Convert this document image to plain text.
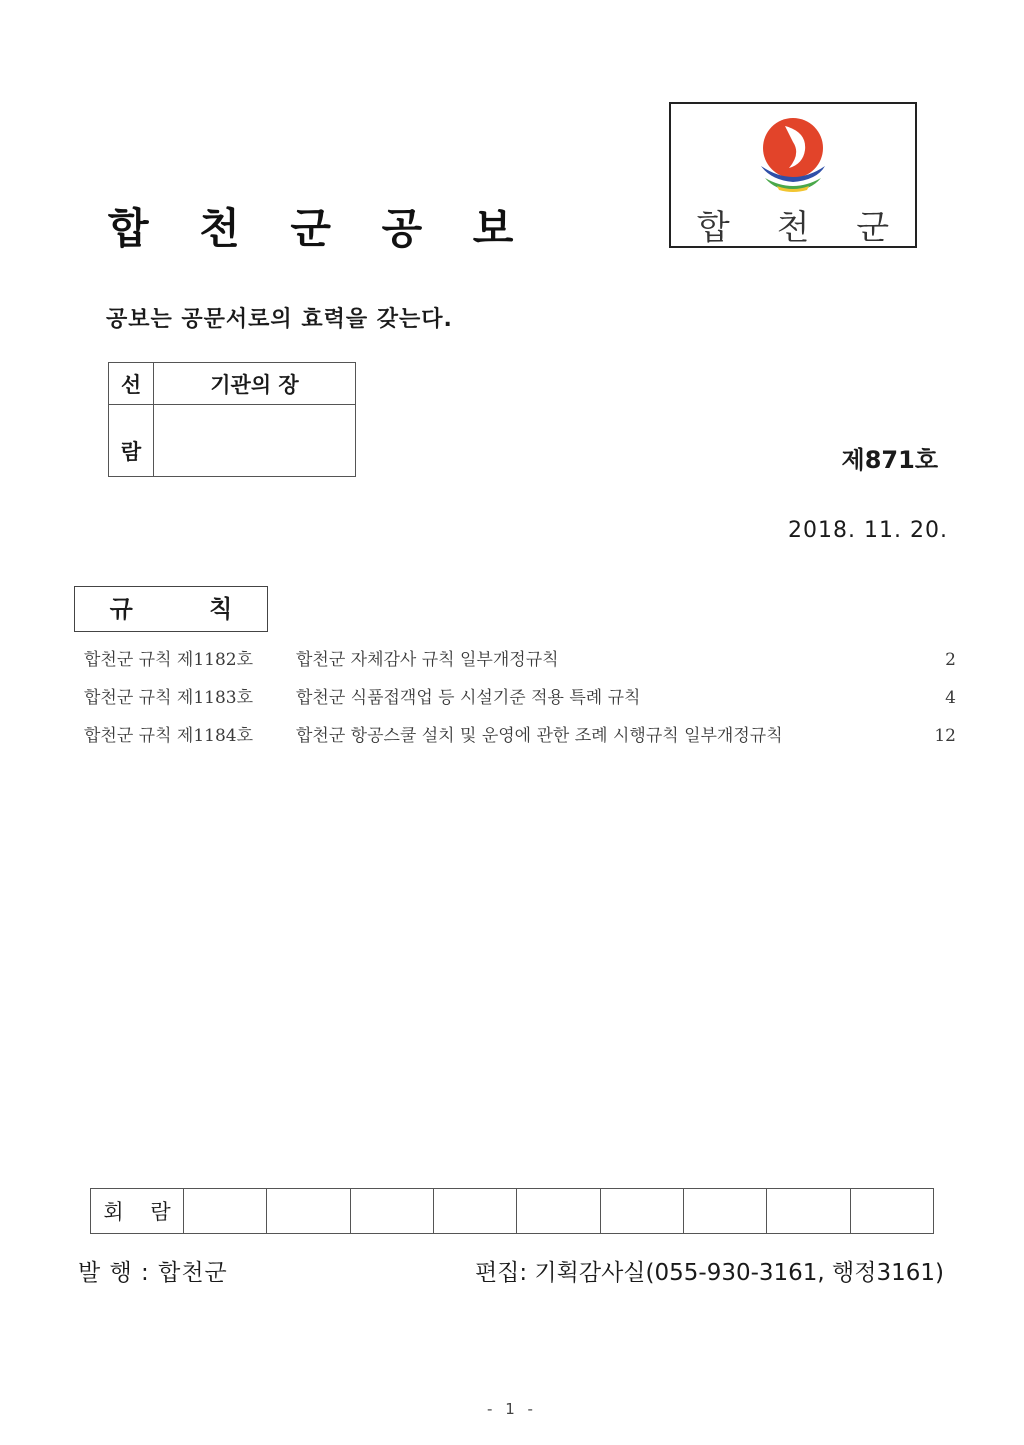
합 천 군 공 보	합 천 군
공보는 공문서로의 효력을 갖는다.
선	기관의 장
람		제871호
2018. 11. 20.
규 칙
합천군 규칙 제1182호	합천군 자체감사 규칙 일부개정규칙	2
합천군 규칙 제1183호	합천군 식품접객업 등 시설기준 적용 특례 규칙	4
합천군 규칙 제1184호	합천군 항공스쿨 설치 및 운영에 관한 조례 시행규칙 일부개정규칙	12
회 람									
발 행 : 합천군	편집: 기획감사실(055-930-3161, 행정3161)
- 1 -
